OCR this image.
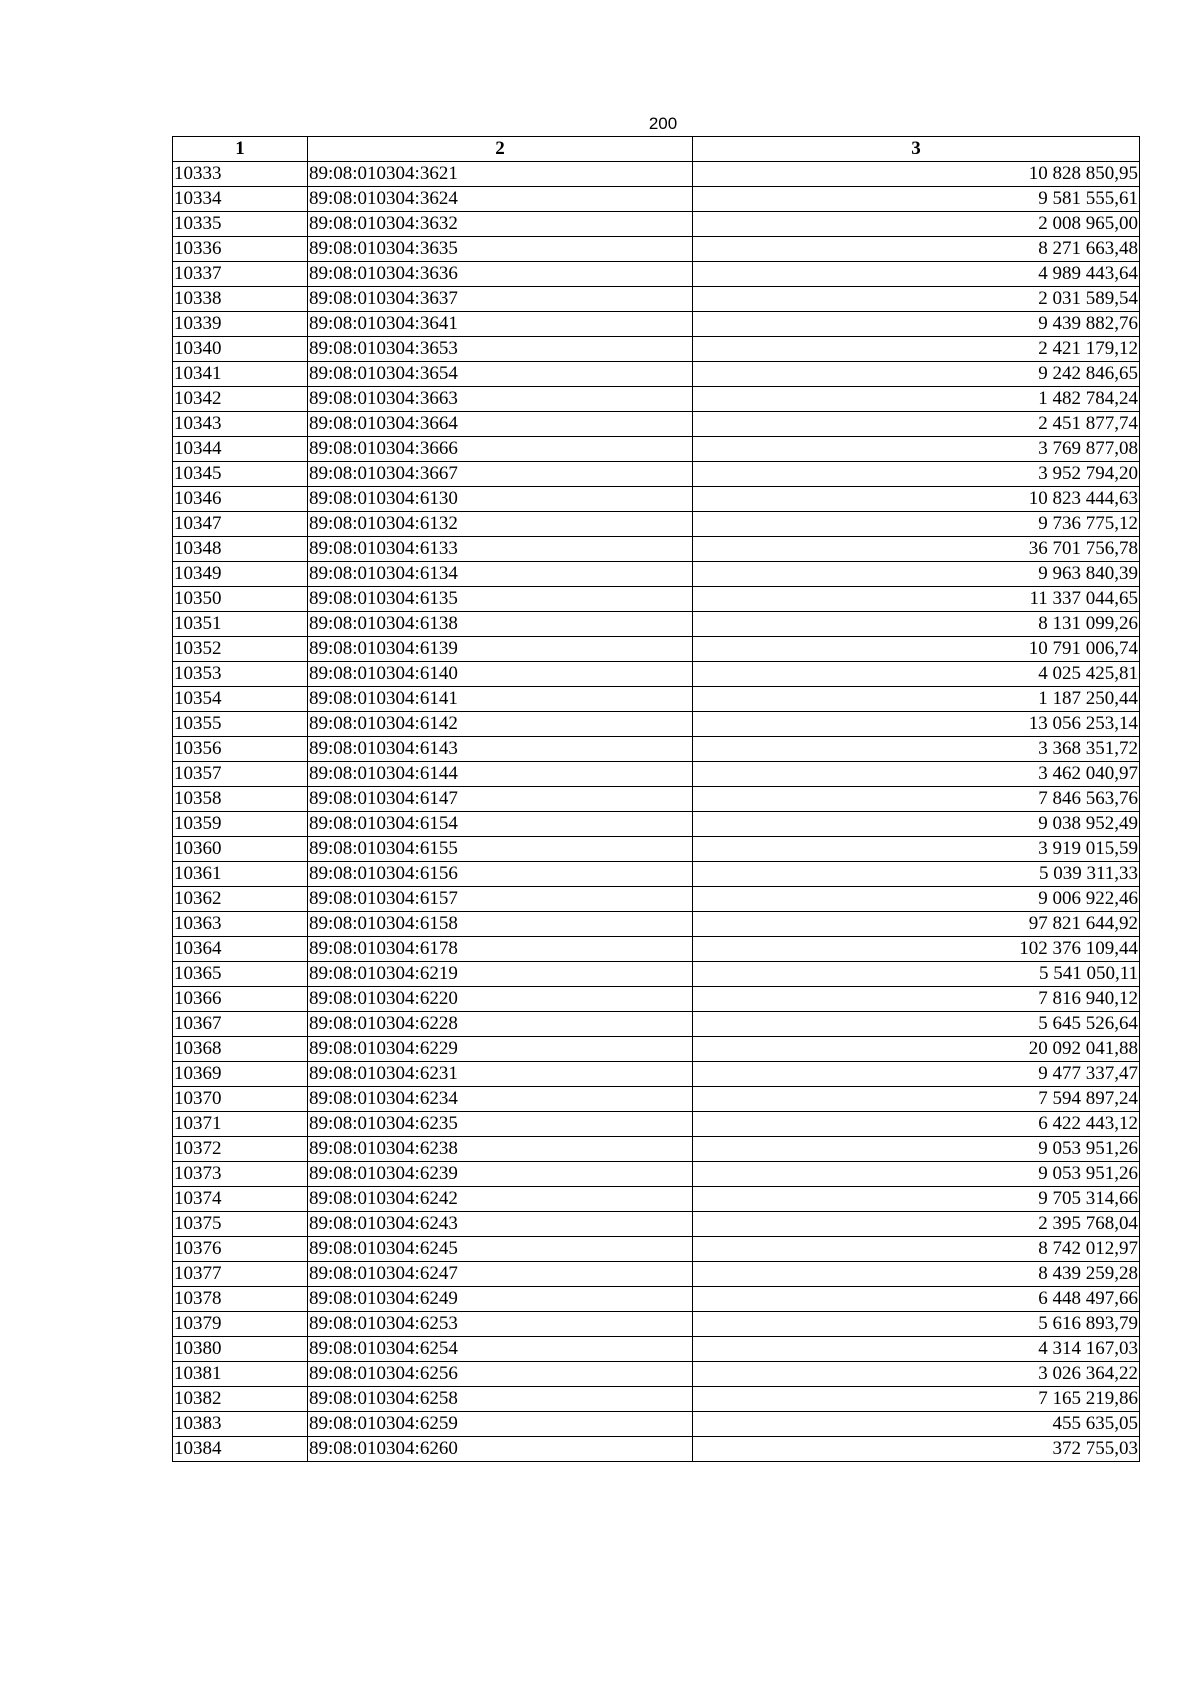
200
1	2	3
10333	89:08:010304:3621	10 828 850,95
10334	89:08:010304:3624	9 581 555,61
10335	89:08:010304:3632	2 008 965,00
10336	89:08:010304:3635	8 271 663,48
10337	89:08:010304:3636	4 989 443,64
10338	89:08:010304:3637	2 031 589,54
10339	89:08:010304:3641	9 439 882,76
10340	89:08:010304:3653	2 421 179,12
10341	89:08:010304:3654	9 242 846,65
10342	89:08:010304:3663	1 482 784,24
10343	89:08:010304:3664	2 451 877,74
10344	89:08:010304:3666	3 769 877,08
10345	89:08:010304:3667	3 952 794,20
10346	89:08:010304:6130	10 823 444,63
10347	89:08:010304:6132	9 736 775,12
10348	89:08:010304:6133	36 701 756,78
10349	89:08:010304:6134	9 963 840,39
10350	89:08:010304:6135	11 337 044,65
10351	89:08:010304:6138	8 131 099,26
10352	89:08:010304:6139	10 791 006,74
10353	89:08:010304:6140	4 025 425,81
10354	89:08:010304:6141	1 187 250,44
10355	89:08:010304:6142	13 056 253,14
10356	89:08:010304:6143	3 368 351,72
10357	89:08:010304:6144	3 462 040,97
10358	89:08:010304:6147	7 846 563,76
10359	89:08:010304:6154	9 038 952,49
10360	89:08:010304:6155	3 919 015,59
10361	89:08:010304:6156	5 039 311,33
10362	89:08:010304:6157	9 006 922,46
10363	89:08:010304:6158	97 821 644,92
10364	89:08:010304:6178	102 376 109,44
10365	89:08:010304:6219	5 541 050,11
10366	89:08:010304:6220	7 816 940,12
10367	89:08:010304:6228	5 645 526,64
10368	89:08:010304:6229	20 092 041,88
10369	89:08:010304:6231	9 477 337,47
10370	89:08:010304:6234	7 594 897,24
10371	89:08:010304:6235	6 422 443,12
10372	89:08:010304:6238	9 053 951,26
10373	89:08:010304:6239	9 053 951,26
10374	89:08:010304:6242	9 705 314,66
10375	89:08:010304:6243	2 395 768,04
10376	89:08:010304:6245	8 742 012,97
10377	89:08:010304:6247	8 439 259,28
10378	89:08:010304:6249	6 448 497,66
10379	89:08:010304:6253	5 616 893,79
10380	89:08:010304:6254	4 314 167,03
10381	89:08:010304:6256	3 026 364,22
10382	89:08:010304:6258	7 165 219,86
10383	89:08:010304:6259	455 635,05
10384	89:08:010304:6260	372 755,03
